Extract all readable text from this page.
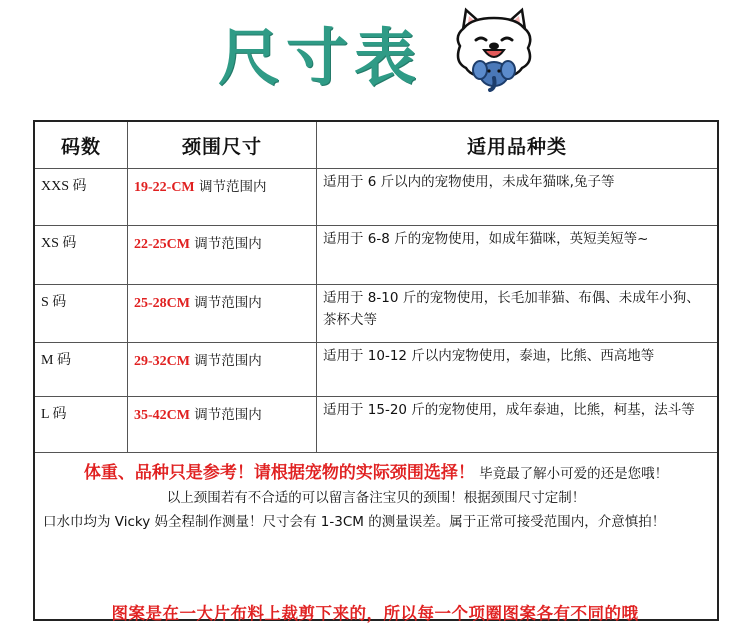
尺寸表
码数	颈围尺寸	适用品种类
XXS 码	19-22-CM 调节范围内	适用于 6 斤以内的宠物使用，未成年猫咪,兔子等
XS 码	22-25CM 调节范围内	适用于 6-8 斤的宠物使用，如成年猫咪，英短美短等~
S 码	25-28CM 调节范围内	适用于 8-10 斤的宠物使用，长毛加菲猫、布偶、未成年小狗、茶杯犬等
M 码	29-32CM 调节范围内	适用于 10-12 斤以内宠物使用，泰迪，比熊、西高地等
L 码	35-42CM 调节范围内	适用于 15-20 斤的宠物使用，成年泰迪，比熊，柯基，法斗等
体重、品种只是参考！请根据宠物的实际颈围选择！ 毕竟最了解小可爱的还是您哦！
以上颈围若有不合适的可以留言备注宝贝的颈围！根据颈围尺寸定制！
口水巾均为 Vicky 妈全程制作测量！尺寸会有 1-3CM 的测量误差。属于正常可接受范围内，介意慎拍！		
图案是在一大片布料上裁剪下来的，所以每一个项圈图案各有不同的哦
